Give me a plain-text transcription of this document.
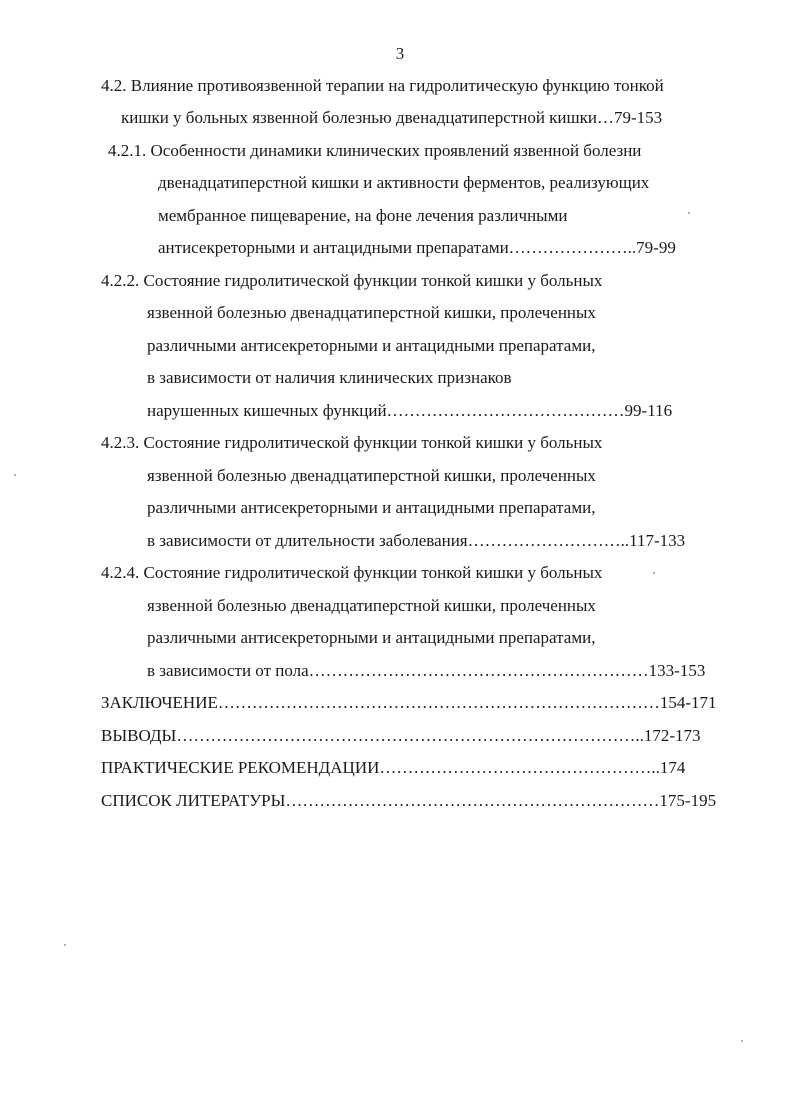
3
4.2. Влияние противоязвенной терапии на гидролитическую функцию тонкой
кишки у больных язвенной болезнью двенадцатиперстной кишки…79-153
4.2.1. Особенности динамики клинических проявлений язвенной болезни
двенадцатиперстной кишки и активности ферментов, реализующих
мембранное пищеварение, на фоне лечения различными
антисекреторными и антацидными препаратами…………………..79-99
4.2.2. Состояние гидролитической функции тонкой кишки у больных
язвенной болезнью двенадцатиперстной кишки, пролеченных
различными антисекреторными и антацидными препаратами,
в зависимости от наличия клинических признаков
нарушенных кишечных функций……………………………………99-116
4.2.3. Состояние гидролитической функции тонкой кишки у больных
язвенной болезнью двенадцатиперстной кишки, пролеченных
различными антисекреторными и антацидными препаратами,
в зависимости от длительности заболевания………………………..117-133
4.2.4. Состояние гидролитической функции тонкой кишки у больных
язвенной болезнью двенадцатиперстной кишки, пролеченных
различными антисекреторными и антацидными препаратами,
в зависимости от пола……………………………………………………133-153
ЗАКЛЮЧЕНИЕ……………………………………………………………………154-171
ВЫВОДЫ………………………………………………………………………..172-173
ПРАКТИЧЕСКИЕ РЕКОМЕНДАЦИИ…………………………………………..174
СПИСОК ЛИТЕРАТУРЫ…………………………………………………………175-195
